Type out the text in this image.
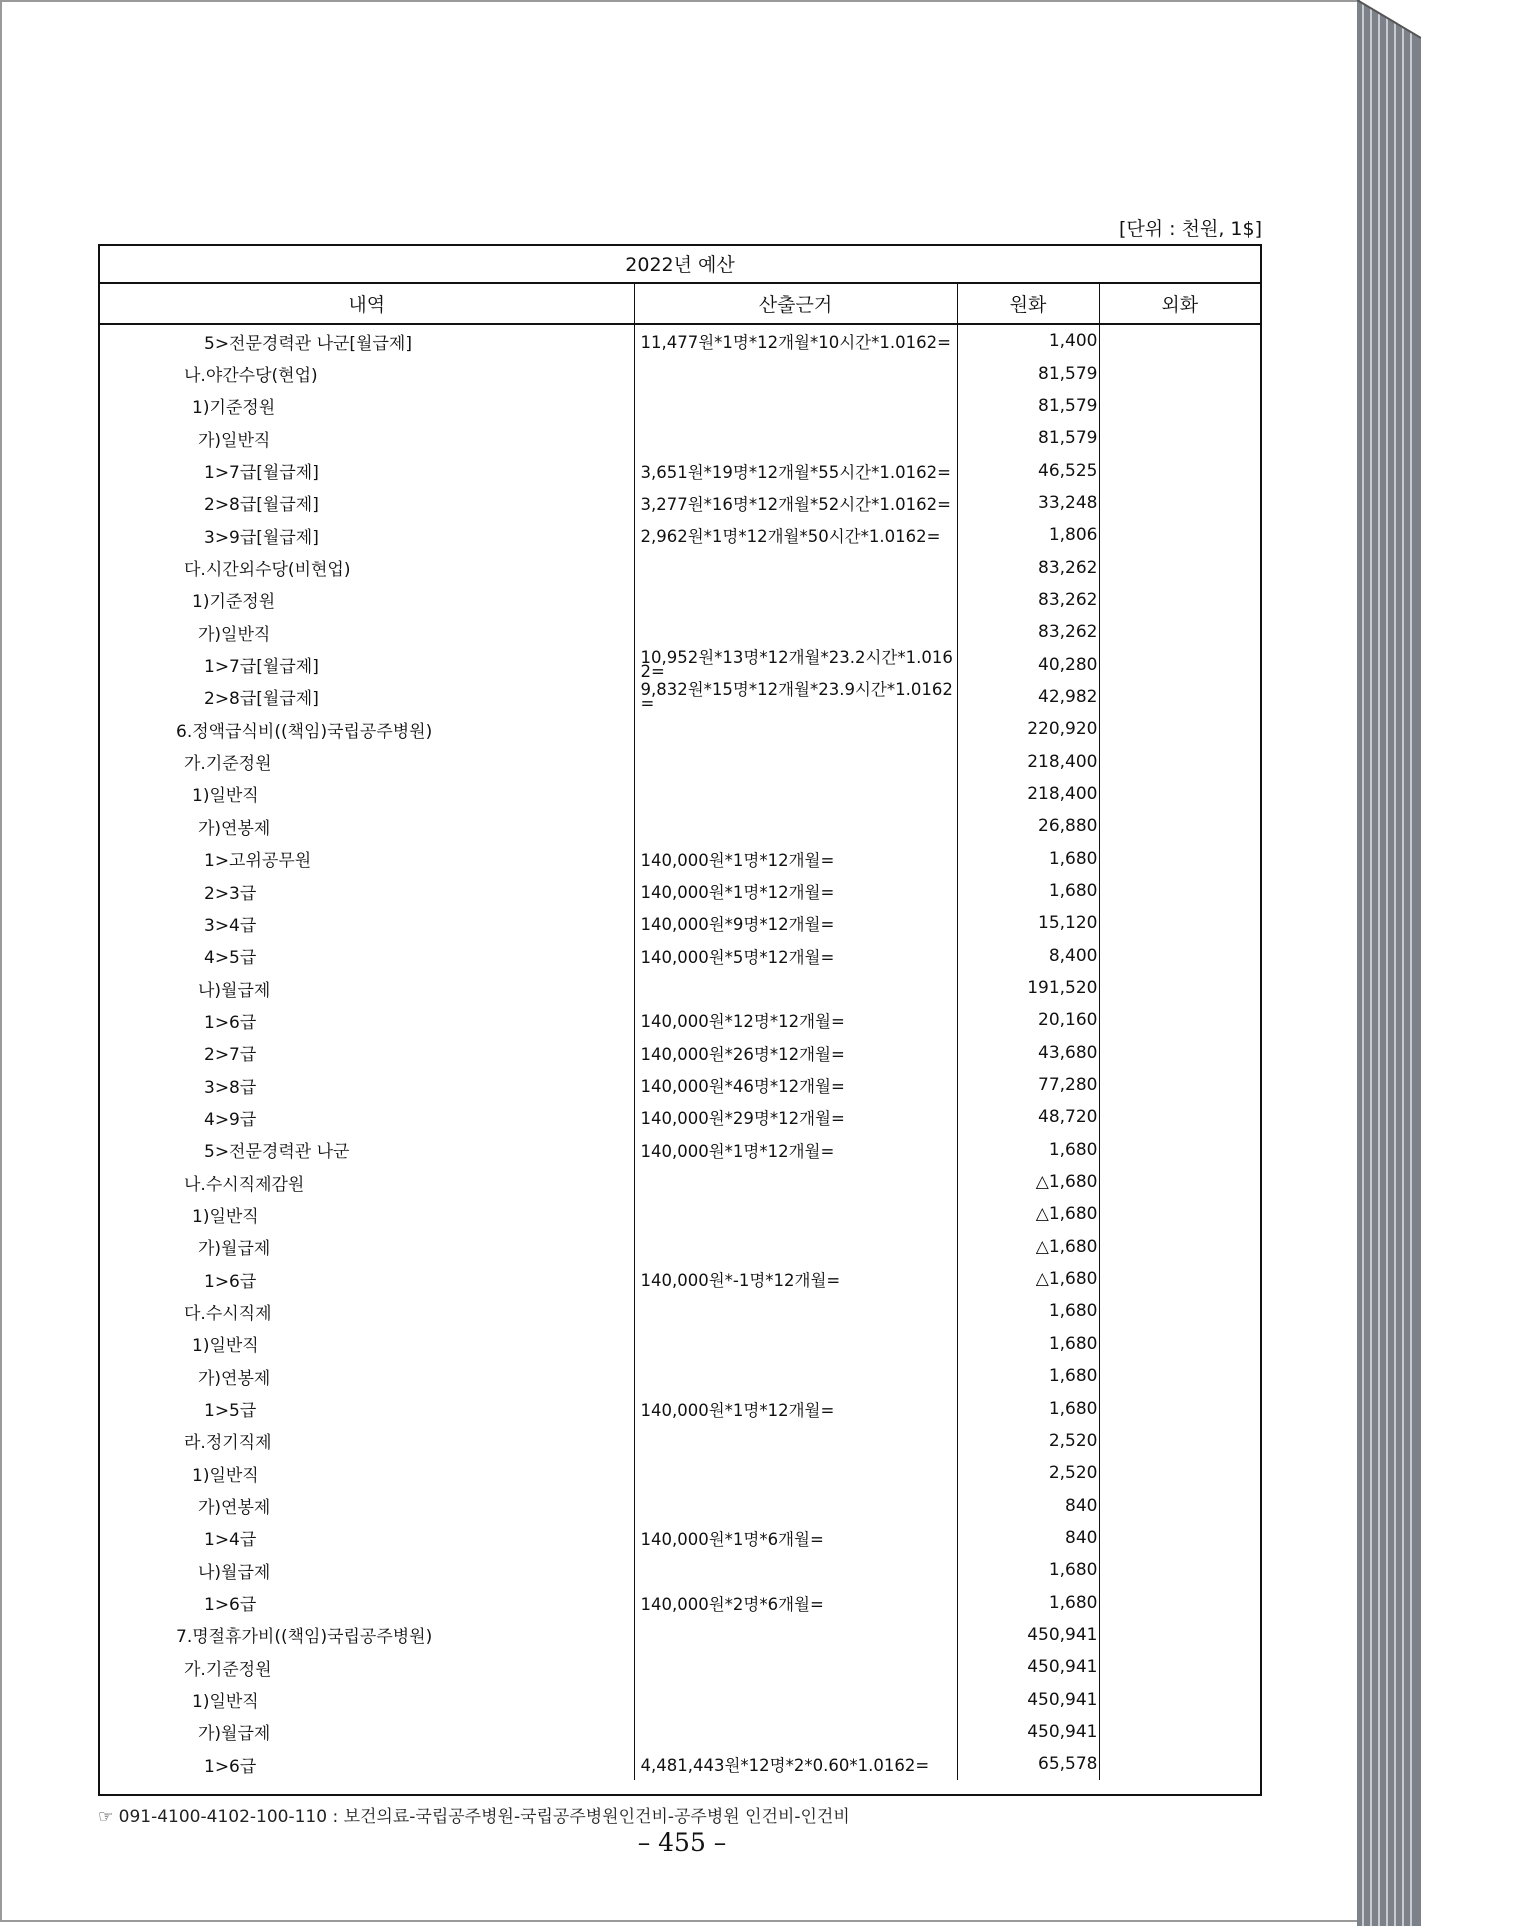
[단위 : 천원, 1$]
2022년 예산
내역	산출근거	원화	외화
5>전문경력관 나군[월급제]	11,477원*1명*12개월*10시간*1.0162=	1,400	
나.야간수당(현업)		81,579	
1)기준정원		81,579	
가)일반직		81,579	
1>7급[월급제]	3,651원*19명*12개월*55시간*1.0162=	46,525	
2>8급[월급제]	3,277원*16명*12개월*52시간*1.0162=	33,248	
3>9급[월급제]	2,962원*1명*12개월*50시간*1.0162=	1,806	
다.시간외수당(비현업)		83,262	
1)기준정원		83,262	
가)일반직		83,262	
1>7급[월급제]	10,952원*13명*12개월*23.2시간*1.0162=	40,280	
2>8급[월급제]	9,832원*15명*12개월*23.9시간*1.0162=	42,982	
6.정액급식비((책임)국립공주병원)		220,920	
가.기준정원		218,400	
1)일반직		218,400	
가)연봉제		26,880	
1>고위공무원	140,000원*1명*12개월=	1,680	
2>3급	140,000원*1명*12개월=	1,680	
3>4급	140,000원*9명*12개월=	15,120	
4>5급	140,000원*5명*12개월=	8,400	
나)월급제		191,520	
1>6급	140,000원*12명*12개월=	20,160	
2>7급	140,000원*26명*12개월=	43,680	
3>8급	140,000원*46명*12개월=	77,280	
4>9급	140,000원*29명*12개월=	48,720	
5>전문경력관 나군	140,000원*1명*12개월=	1,680	
나.수시직제감원		△1,680	
1)일반직		△1,680	
가)월급제		△1,680	
1>6급	140,000원*-1명*12개월=	△1,680	
다.수시직제		1,680	
1)일반직		1,680	
가)연봉제		1,680	
1>5급	140,000원*1명*12개월=	1,680	
라.정기직제		2,520	
1)일반직		2,520	
가)연봉제		840	
1>4급	140,000원*1명*6개월=	840	
나)월급제		1,680	
1>6급	140,000원*2명*6개월=	1,680	
7.명절휴가비((책임)국립공주병원)		450,941	
가.기준정원		450,941	
1)일반직		450,941	
가)월급제		450,941	
1>6급	4,481,443원*12명*2*0.60*1.0162=	65,578	
☞ 091-4100-4102-100-110 : 보건의료-국립공주병원-국립공주병원인건비-공주병원 인건비-인건비
– 455 –
